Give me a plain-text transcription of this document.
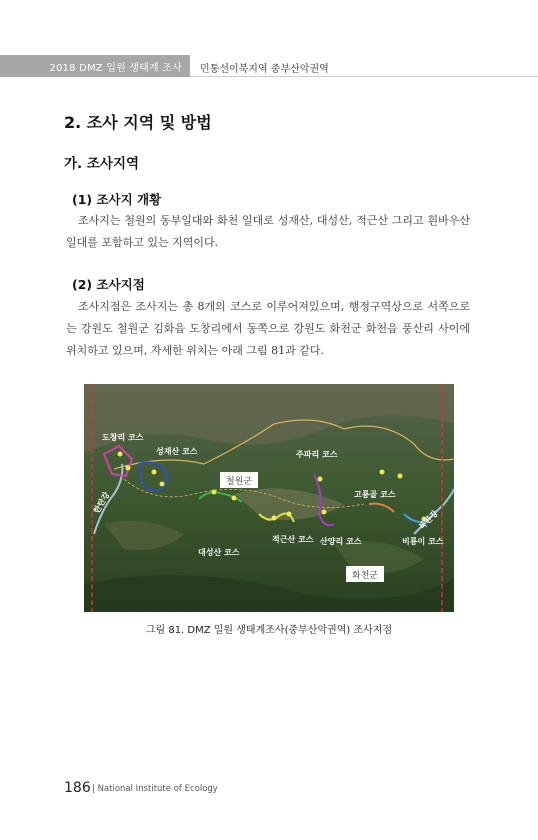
2018 DMZ 일원 생태계 조사 민통선이북지역 중부산악권역
2. 조사 지역 및 방법
가. 조사지역
(1) 조사지 개황
조사지는 철원의 동부일대와 화천 일대로 성재산, 대성산, 적근산 그리고 흰바우산 일대를 포함하고 있는 지역이다.
(2) 조사지점
조사지점은 조사지는 총 8개의 코스로 이루어져있으며, 행정구역상으로 서쪽으로는 강원도 철원군 김화읍 도창리에서 동쪽으로 강원도 화천군 화천읍 풍산리 사이에 위치하고 있으며, 자세한 위치는 아래 그림 81과 같다.
도창리 코스
성재산 코스	주파리 코스
철원군
고룡골 코스
대성산 코스
적근산 코스 산양리 코스	비룡이 코스
화천군
한탄강
북한강
그림 81. DMZ 일원 생태계조사(중부산악권역) 조사지점
186 | National Institute of Ecology
